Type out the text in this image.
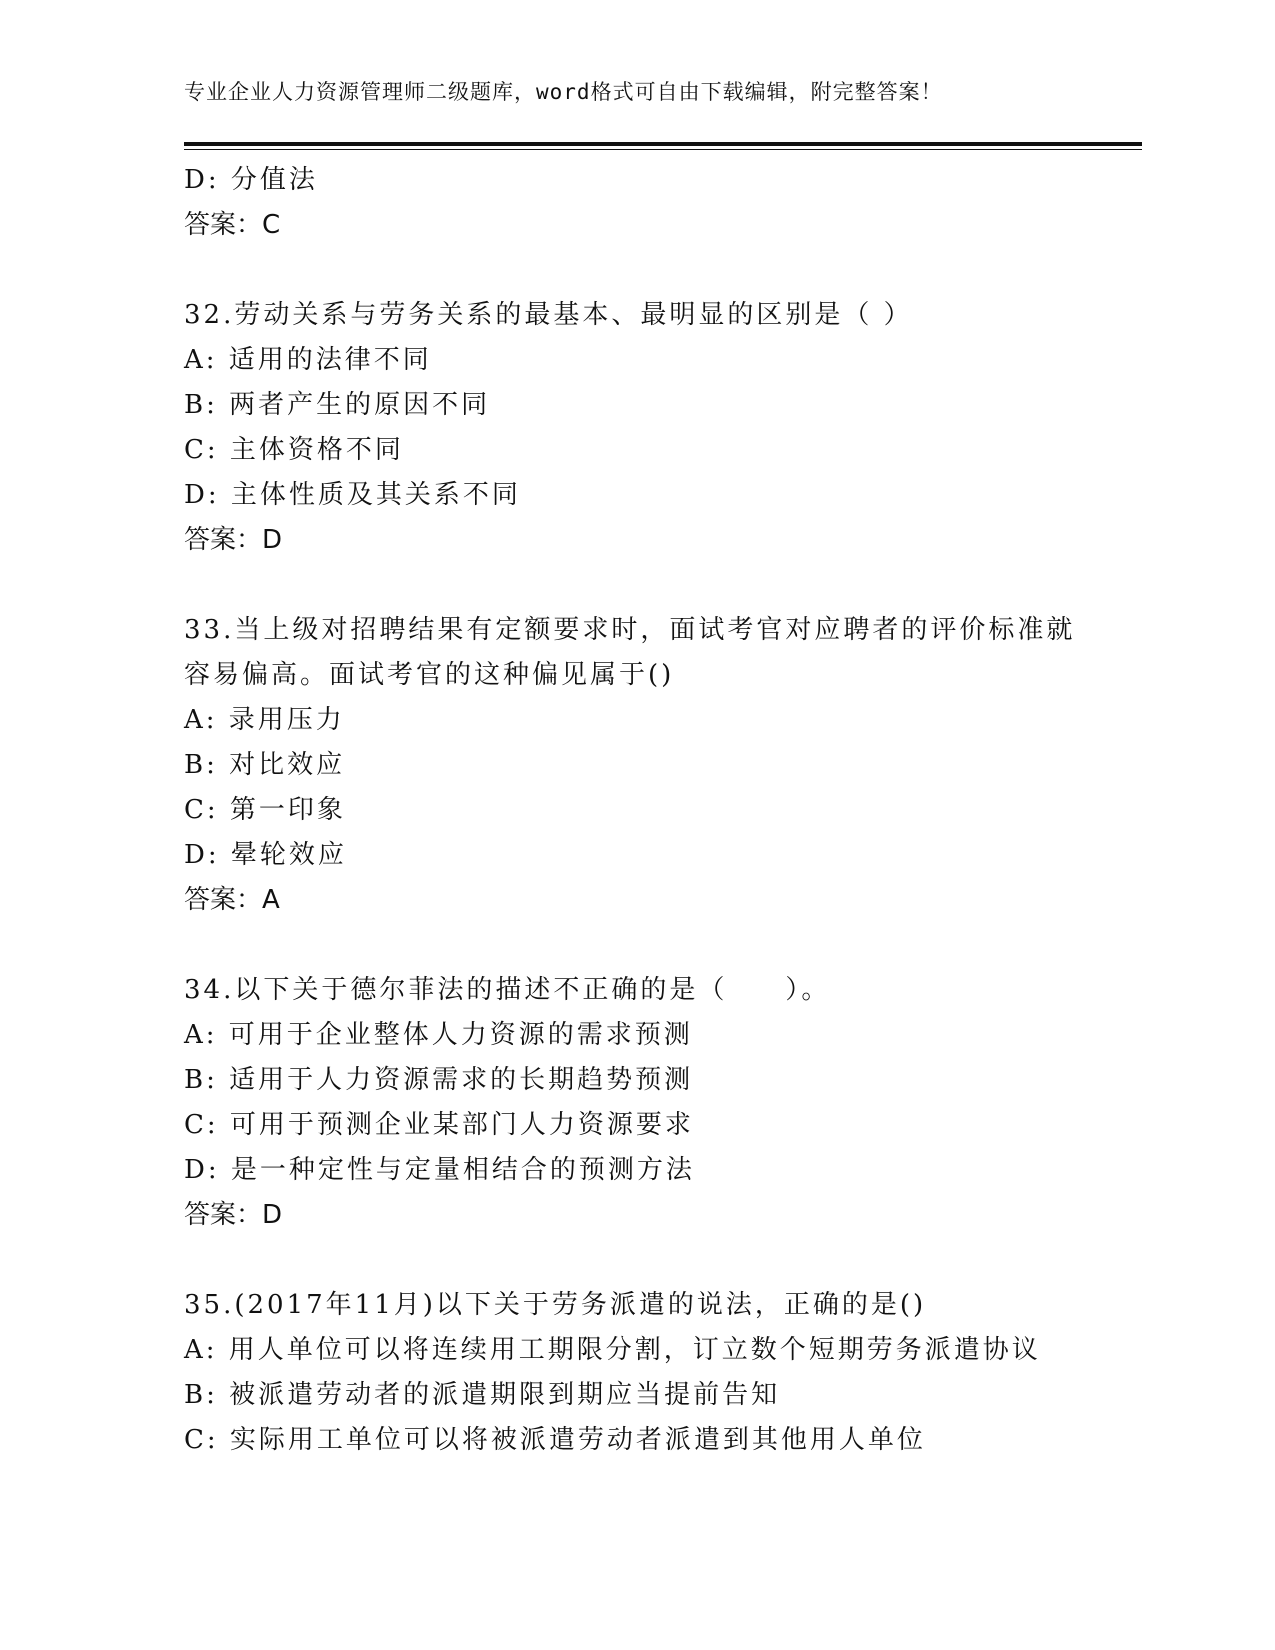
专业企业人力资源管理师二级题库，word格式可自由下载编辑，附完整答案！
D: 分值法
答案：C
32.劳动关系与劳务关系的最基本、最明显的区别是（ ）
A: 适用的法律不同
B: 两者产生的原因不同
C: 主体资格不同
D: 主体性质及其关系不同
答案：D
33.当上级对招聘结果有定额要求时，面试考官对应聘者的评价标准就
容易偏高。面试考官的这种偏见属于()
A: 录用压力
B: 对比效应
C: 第一印象
D: 晕轮效应
答案：A
34.以下关于德尔菲法的描述不正确的是（　　）。
A: 可用于企业整体人力资源的需求预测
B: 适用于人力资源需求的长期趋势预测
C: 可用于预测企业某部门人力资源要求
D: 是一种定性与定量相结合的预测方法
答案：D
35.(2017年11月)以下关于劳务派遣的说法，正确的是()
A: 用人单位可以将连续用工期限分割，订立数个短期劳务派遣协议
B: 被派遣劳动者的派遣期限到期应当提前告知
C: 实际用工单位可以将被派遣劳动者派遣到其他用人单位
